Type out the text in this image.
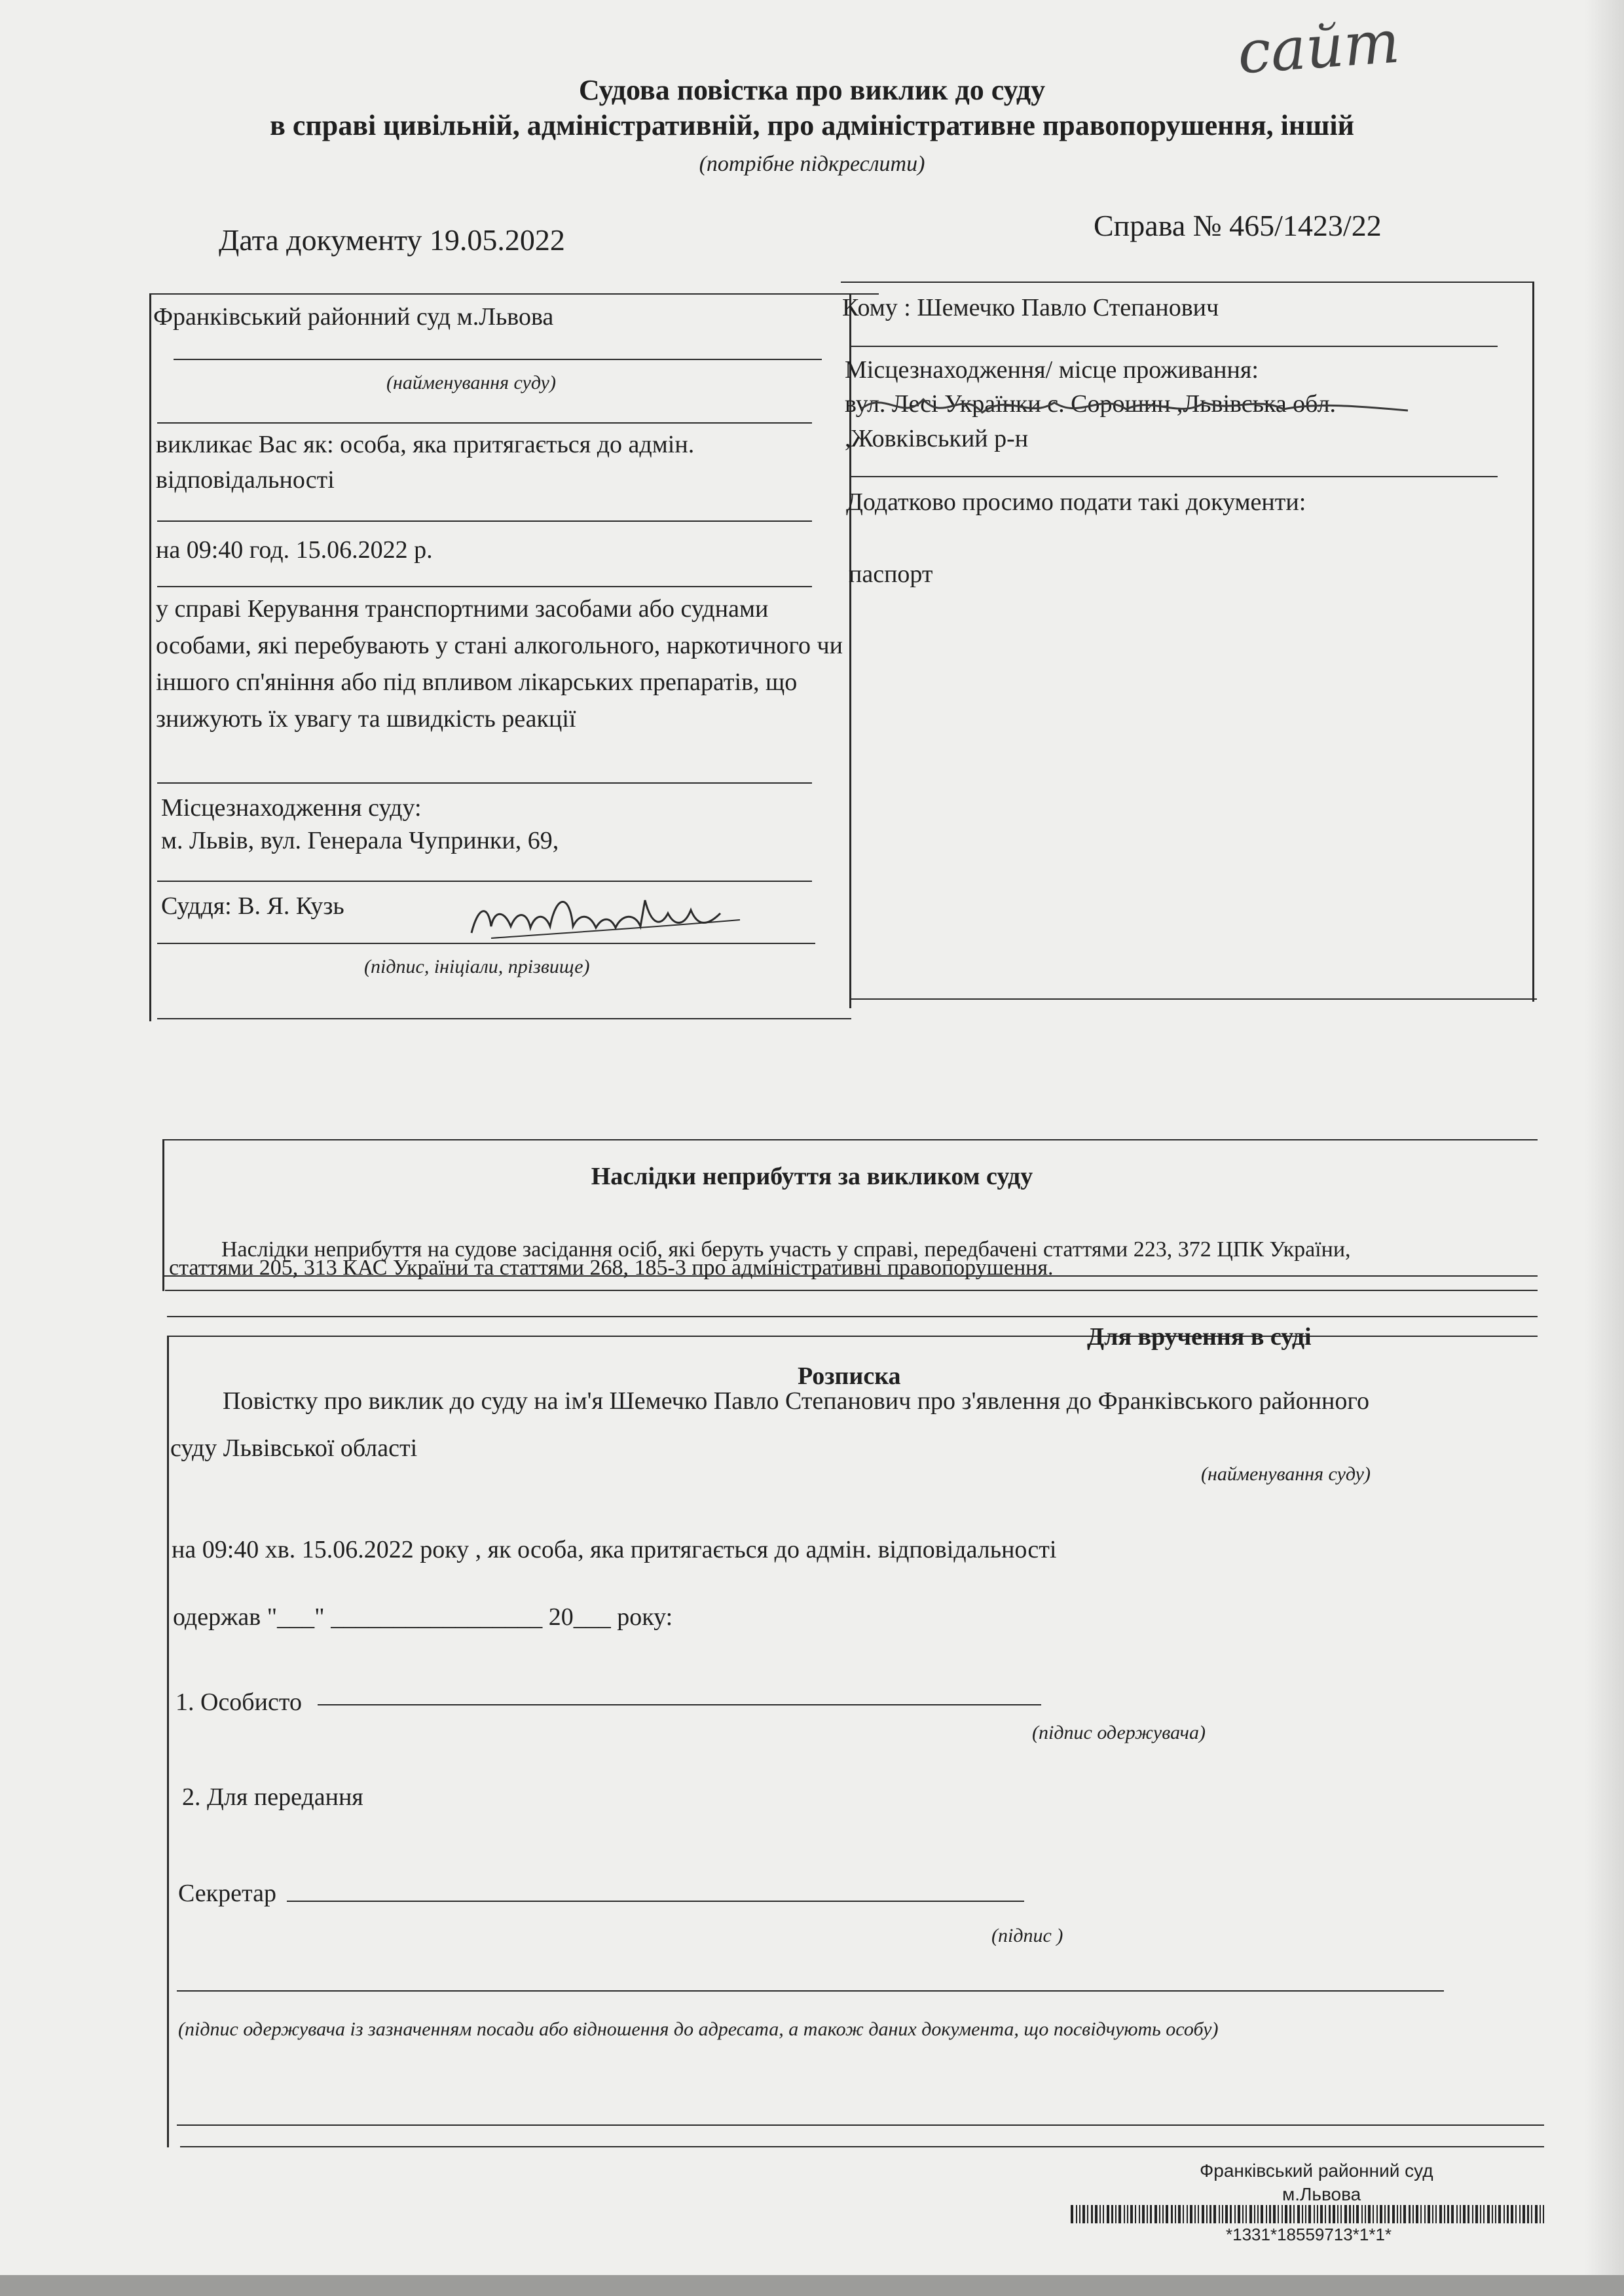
сайт
Судова повістка про виклик до суду
в справі цивільній, адміністративній, про адміністративне правопорушення, іншій
(потрібне підкреслити)
Дата документу 19.05.2022	Справа № 465/1423/22
Франківський районний суд м.Львова
(найменування суду)
викликає Вас як: особа, яка притягається до адмін. відповідальності
на 09:40 год. 15.06.2022 р.
у справі Керування транспортними засобами або суднами особами, які перебувають у стані алкогольного, наркотичного чи іншого сп'яніння або під впливом лікарських препаратів, що знижують їх увагу та швидкість реакції
Місцезнаходження суду:
м. Львів, вул. Генерала Чупринки, 69,
Суддя: В. Я. Кузь
(підпис, ініціали, прізвище)
Кому : Шемечко Павло Степанович
Місцезнаходження/ місце проживання:
вул. Лесі Українки с. Соpошин ,Львівська обл.
,Жовківський р-н
Додатково просимо подати такі документи:
паспорт
Наслідки неприбуття за викликом суду
Наслідки неприбуття на судове засідання осіб, які беруть участь у справі, передбачені статтями 223, 372 ЦПК України,
статтями 205, 313 КАС України та статтями 268, 185-3 про адміністративні правопорушення.
Для вручення в суді
Розписка
Повістку про виклик до суду на ім'я Шемечко Павло Степанович про з'явлення до Франківського районного
суду Львівської області
(найменування суду)
на 09:40 хв. 15.06.2022 року , як особа, яка притягається до адмін. відповідальності
одержав "___" _________________ 20___ року:
1. Особисто
(підпис одержувача)
2. Для передання
Секретар
(підпис )
(підпис одержувача із зазначенням посади або відношення до адресата, а також даних документа, що посвідчують особу)
Франківський районний суд
м.Львова
*1331*18559713*1*1*
